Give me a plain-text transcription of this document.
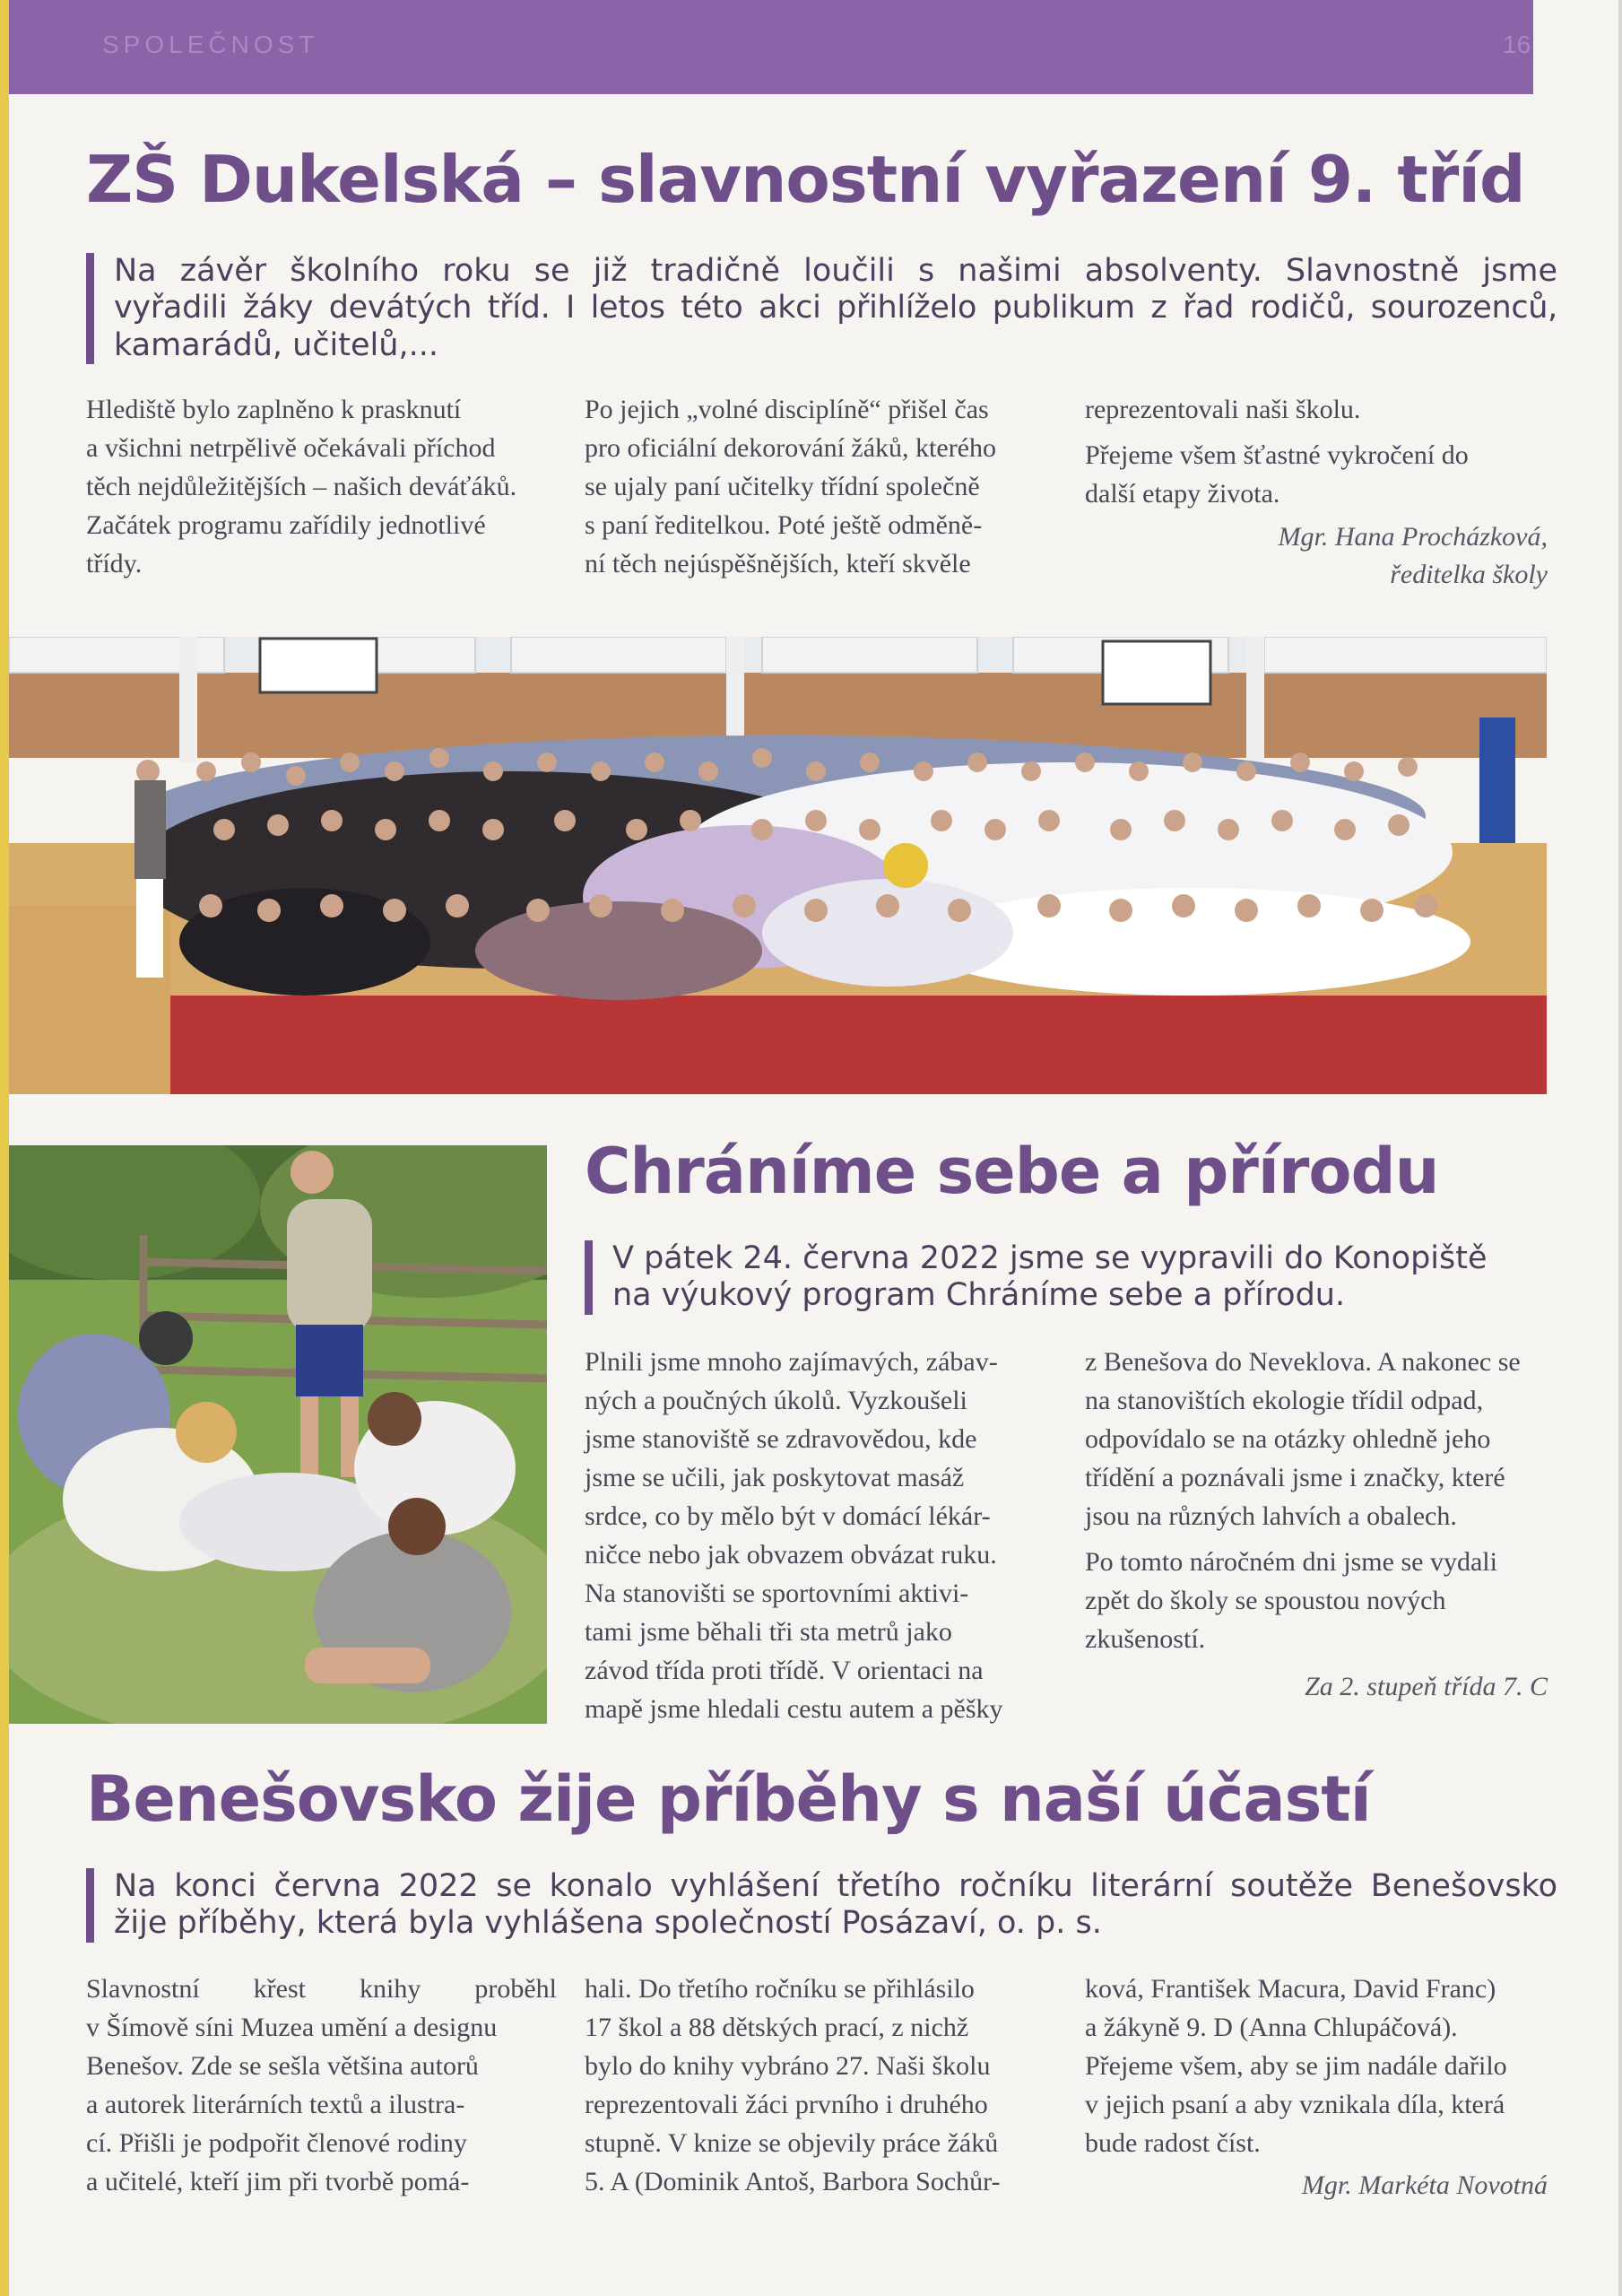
SPOLEČNOST	16
ZŠ Dukelská – slavnostní vyřazení 9. tříd
Na závěr školního roku se již tradičně loučili s našimi absolventy. Slavnostně jsme
vyřadili žáky devátých tříd. I letos této akci přihlíželo publikum z řad rodičů, sourozenců,
kamarádů, učitelů,...
Hlediště bylo zaplněno k prasknutí
a všichni netrpělivě očekávali příchod
těch nejdůležitějších – našich deváťáků.
Začátek programu zařídily jednotlivé
třídy.
Po jejich „volné disciplíně“ přišel čas
pro oficiální dekorování žáků, kterého
se ujaly paní učitelky třídní společně
s paní ředitelkou. Poté ještě odměně-
ní těch nejúspěšnějších, kteří skvěle
reprezentovali naši školu.
Přejeme všem šťastné vykročení do
další etapy života.
Mgr. Hana Procházková,
ředitelka školy
Chráníme sebe a přírodu
V pátek 24. června 2022 jsme se vypravili do Konopiště
na výukový program Chráníme sebe a přírodu.
Plnili jsme mnoho zajímavých, zábav-
ných a poučných úkolů. Vyzkoušeli
jsme stanoviště se zdravovědou, kde
jsme se učili, jak poskytovat masáž
srdce, co by mělo být v domácí lékár-
ničce nebo jak obvazem obvázat ruku.
Na stanovišti se sportovními aktivi-
tami jsme běhali tři sta metrů jako
závod třída proti třídě. V orientaci na
mapě jsme hledali cestu autem a pěšky
z Benešova do Neveklova. A nakonec se
na stanovištích ekologie třídil odpad,
odpovídalo se na otázky ohledně jeho
třídění a poznávali jsme i značky, které
jsou na různých lahvích a obalech.
Po tomto náročném dni jsme se vydali
zpět do školy se spoustou nových
zkušeností.
Za 2. stupeň třída 7. C
Benešovsko žije příběhy s naší účastí
Na konci června 2022 se konalo vyhlášení třetího ročníku literární soutěže Benešovsko
žije příběhy, která byla vyhlášena společností Posázaví, o. p. s.
Slavnostní křest knihy proběhl
v Šímově síni Muzea umění a designu
Benešov. Zde se sešla většina autorů
a autorek literárních textů a ilustra-
cí. Přišli je podpořit členové rodiny
a učitelé, kteří jim při tvorbě pomá-
hali. Do třetího ročníku se přihlásilo
17 škol a 88 dětských prací, z nichž
bylo do knihy vybráno 27. Naši školu
reprezentovali žáci prvního i druhého
stupně. V knize se objevily práce žáků
5. A (Dominik Antoš, Barbora Sochůr-
ková, František Macura, David Franc)
a žákyně 9. D (Anna Chlupáčová).
Přejeme všem, aby se jim nadále dařilo
v jejich psaní a aby vznikala díla, která
bude radost číst.
Mgr. Markéta Novotná
